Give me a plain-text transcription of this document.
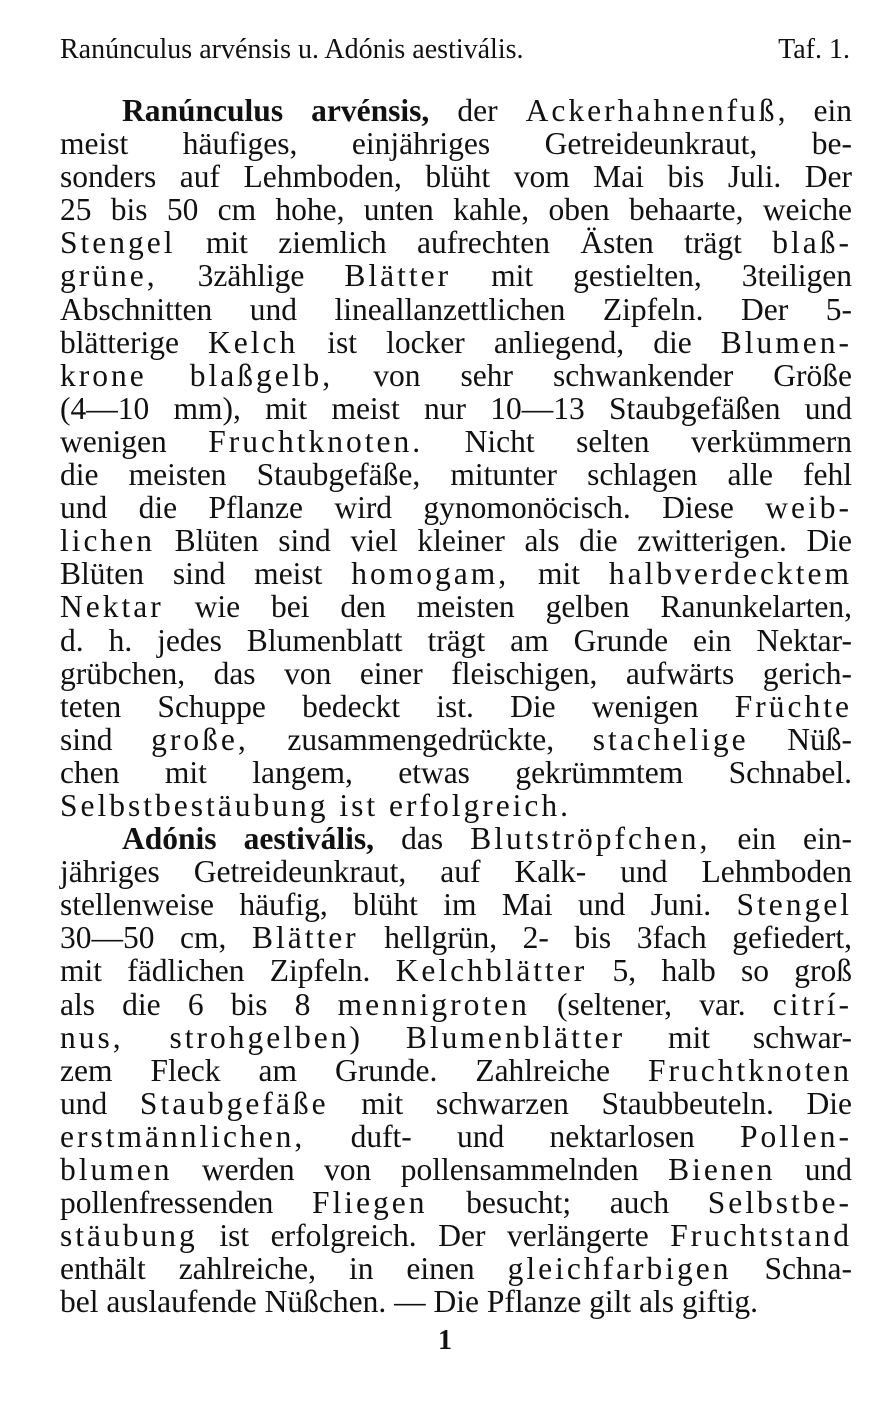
Ranúnculus arvénsis u. Adónis aestivális.	Taf. 1.
Ranúnculus arvénsis, der Ackerhahnenfuß, ein
meist häufiges, einjähriges Getreideunkraut, be-
sonders auf Lehmboden, blüht vom Mai bis Juli. Der
25 bis 50 cm hohe, unten kahle, oben behaarte, weiche
Stengel mit ziemlich aufrechten Ästen trägt blaß-
grüne, 3zählige Blätter mit gestielten, 3teiligen
Abschnitten und lineallanzettlichen Zipfeln. Der 5-
blätterige Kelch ist locker anliegend, die Blumen-
krone blaßgelb, von sehr schwankender Größe
(4—10 mm), mit meist nur 10—13 Staubgefäßen und
wenigen Fruchtknoten. Nicht selten verkümmern
die meisten Staubgefäße, mitunter schlagen alle fehl
und die Pflanze wird gynomonöcisch. Diese weib-
lichen Blüten sind viel kleiner als die zwitterigen. Die
Blüten sind meist homogam, mit halbverdecktem
Nektar wie bei den meisten gelben Ranunkelarten,
d. h. jedes Blumenblatt trägt am Grunde ein Nektar-
grübchen, das von einer fleischigen, aufwärts gerich-
teten Schuppe bedeckt ist. Die wenigen Früchte
sind große, zusammengedrückte, stachelige Nüß-
chen mit langem, etwas gekrümmtem Schnabel.
Selbstbestäubung ist erfolgreich.
Adónis aestivális, das Blutströpfchen, ein ein-
jähriges Getreideunkraut, auf Kalk- und Lehmboden
stellenweise häufig, blüht im Mai und Juni. Stengel
30—50 cm, Blätter hellgrün, 2- bis 3fach gefiedert,
mit fädlichen Zipfeln. Kelchblätter 5, halb so groß
als die 6 bis 8 mennigroten (seltener, var. citrí-
nus, strohgelben) Blumenblätter mit schwar-
zem Fleck am Grunde. Zahlreiche Fruchtknoten
und Staubgefäße mit schwarzen Staubbeuteln. Die
erstmännlichen, duft- und nektarlosen Pollen-
blumen werden von pollensammelnden Bienen und
pollenfressenden Fliegen besucht; auch Selbstbe-
stäubung ist erfolgreich. Der verlängerte Fruchtstand
enthält zahlreiche, in einen gleichfarbigen Schna-
bel auslaufende Nüßchen. — Die Pflanze gilt als giftig.
1
